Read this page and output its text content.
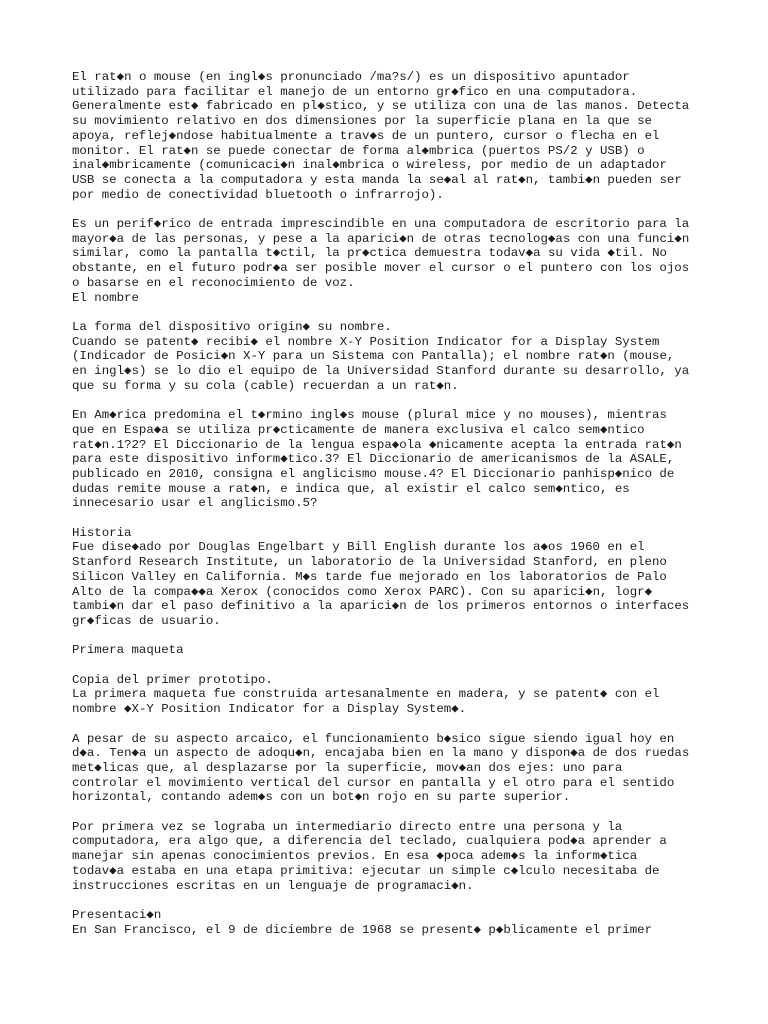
El rat◆n o mouse (en ingl◆s pronunciado /ma?s/) es un dispositivo apuntador
utilizado para facilitar el manejo de un entorno gr◆fico en una computadora.
Generalmente est◆ fabricado en pl◆stico, y se utiliza con una de las manos. Detecta
su movimiento relativo en dos dimensiones por la superficie plana en la que se
apoya, reflej◆ndose habitualmente a trav◆s de un puntero, cursor o flecha en el
monitor. El rat◆n se puede conectar de forma al◆mbrica (puertos PS/2 y USB) o
inal◆mbricamente (comunicaci◆n inal◆mbrica o wireless, por medio de un adaptador
USB se conecta a la computadora y esta manda la se◆al al rat◆n, tambi◆n pueden ser
por medio de conectividad bluetooth o infrarrojo).
Es un perif◆rico de entrada imprescindible en una computadora de escritorio para la
mayor◆a de las personas, y pese a la aparici◆n de otras tecnolog◆as con una funci◆n
similar, como la pantalla t◆ctil, la pr◆ctica demuestra todav◆a su vida ◆til. No
obstante, en el futuro podr◆a ser posible mover el cursor o el puntero con los ojos
o basarse en el reconocimiento de voz.
El nombre
La forma del dispositivo origin◆ su nombre.
Cuando se patent◆ recibi◆ el nombre X-Y Position Indicator for a Display System
(Indicador de Posici◆n X-Y para un Sistema con Pantalla); el nombre rat◆n (mouse,
en ingl◆s) se lo dio el equipo de la Universidad Stanford durante su desarrollo, ya
que su forma y su cola (cable) recuerdan a un rat◆n.
En Am◆rica predomina el t◆rmino ingl◆s mouse (plural mice y no mouses), mientras
que en Espa◆a se utiliza pr◆cticamente de manera exclusiva el calco sem◆ntico
rat◆n.1?2? El Diccionario de la lengua espa◆ola ◆nicamente acepta la entrada rat◆n
para este dispositivo inform◆tico.3? El Diccionario de americanismos de la ASALE,
publicado en 2010, consigna el anglicismo mouse.4? El Diccionario panhisp◆nico de
dudas remite mouse a rat◆n, e indica que, al existir el calco sem◆ntico, es
innecesario usar el anglicismo.5?
Historia
Fue dise◆ado por Douglas Engelbart y Bill English durante los a◆os 1960 en el
Stanford Research Institute, un laboratorio de la Universidad Stanford, en pleno
Silicon Valley en California. M◆s tarde fue mejorado en los laboratorios de Palo
Alto de la compa◆◆a Xerox (conocidos como Xerox PARC). Con su aparici◆n, logr◆
tambi◆n dar el paso definitivo a la aparici◆n de los primeros entornos o interfaces
gr◆ficas de usuario.
Primera maqueta
Copia del primer prototipo.
La primera maqueta fue construida artesanalmente en madera, y se patent◆ con el
nombre ◆X-Y Position Indicator for a Display System◆.
A pesar de su aspecto arcaico, el funcionamiento b◆sico sigue siendo igual hoy en
d◆a. Ten◆a un aspecto de adoqu◆n, encajaba bien en la mano y dispon◆a de dos ruedas
met◆licas que, al desplazarse por la superficie, mov◆an dos ejes: uno para
controlar el movimiento vertical del cursor en pantalla y el otro para el sentido
horizontal, contando adem◆s con un bot◆n rojo en su parte superior.
Por primera vez se lograba un intermediario directo entre una persona y la
computadora, era algo que, a diferencia del teclado, cualquiera pod◆a aprender a
manejar sin apenas conocimientos previos. En esa ◆poca adem◆s la inform◆tica
todav◆a estaba en una etapa primitiva: ejecutar un simple c◆lculo necesitaba de
instrucciones escritas en un lenguaje de programaci◆n.
Presentaci◆n
En San Francisco, el 9 de diciembre de 1968 se present◆ p◆blicamente el primer
